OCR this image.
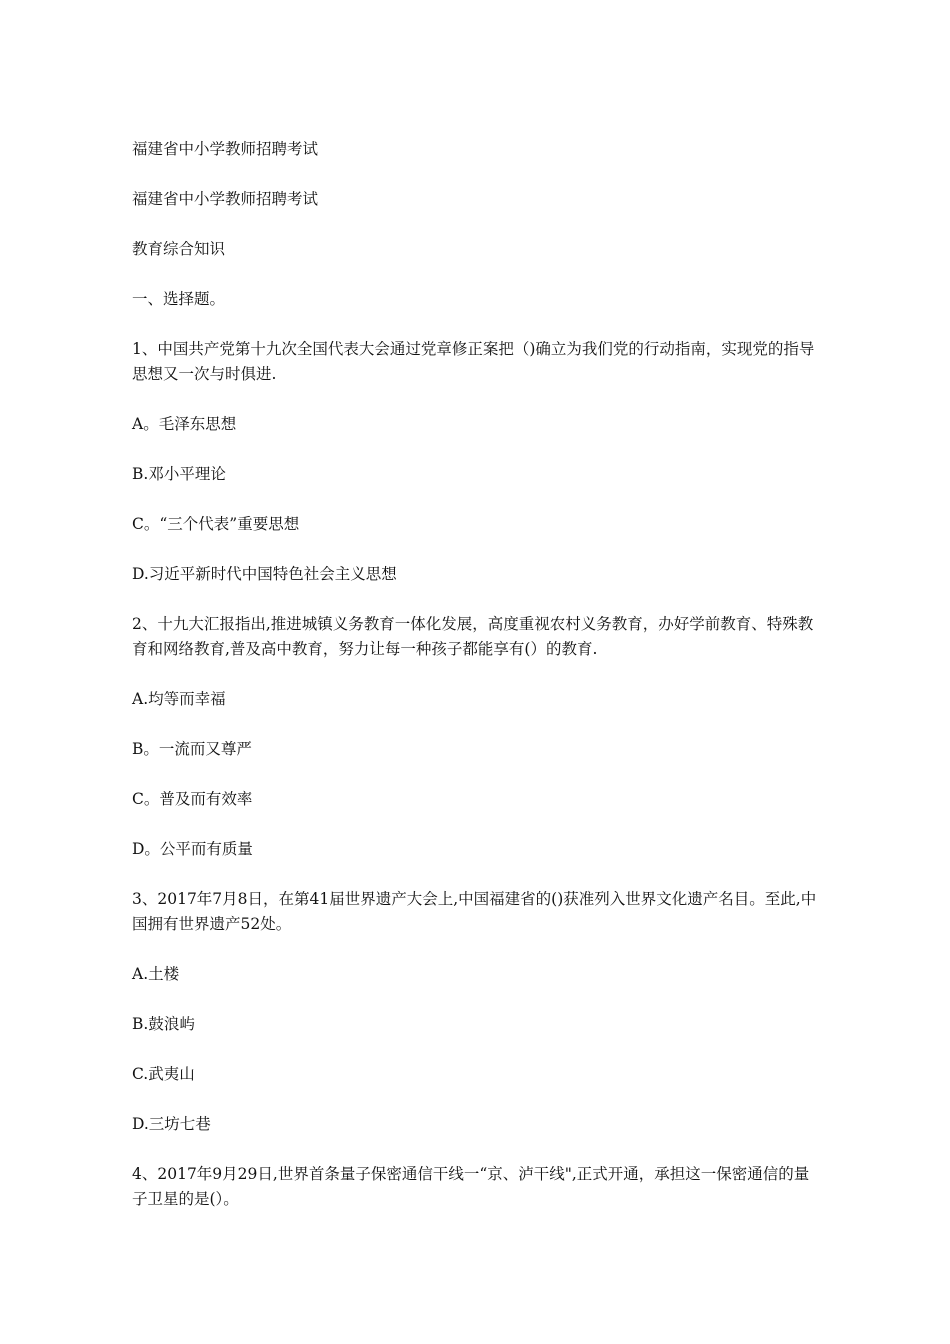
福建省中小学教师招聘考试

福建省中小学教师招聘考试

教育综合知识

一、选择题。

1、中国共产党第十九次全国代表大会通过党章修正案把（)确立为我们党的行动指南，实现党的指导思想又一次与时俱进.

A。毛泽东思想

B.邓小平理论

C。“三个代表”重要思想

D.习近平新时代中国特色社会主义思想

2、十九大汇报指出,推进城镇义务教育一体化发展，高度重视农村义务教育，办好学前教育、特殊教育和网络教育,普及高中教育，努力让每一种孩子都能享有(）的教育.

A.均等而幸福

B。一流而又尊严

C。普及而有效率

D。公平而有质量

3、2017年7月8日，在第41届世界遗产大会上,中国福建省的()获准列入世界文化遗产名目。至此,中国拥有世界遗产52处。

A.土楼

B.鼓浪屿

C.武夷山

D.三坊七巷

4、2017年9月29日,世界首条量子保密通信干线一“京、泸干线",正式开通，承担这一保密通信的量子卫星的是(）。
